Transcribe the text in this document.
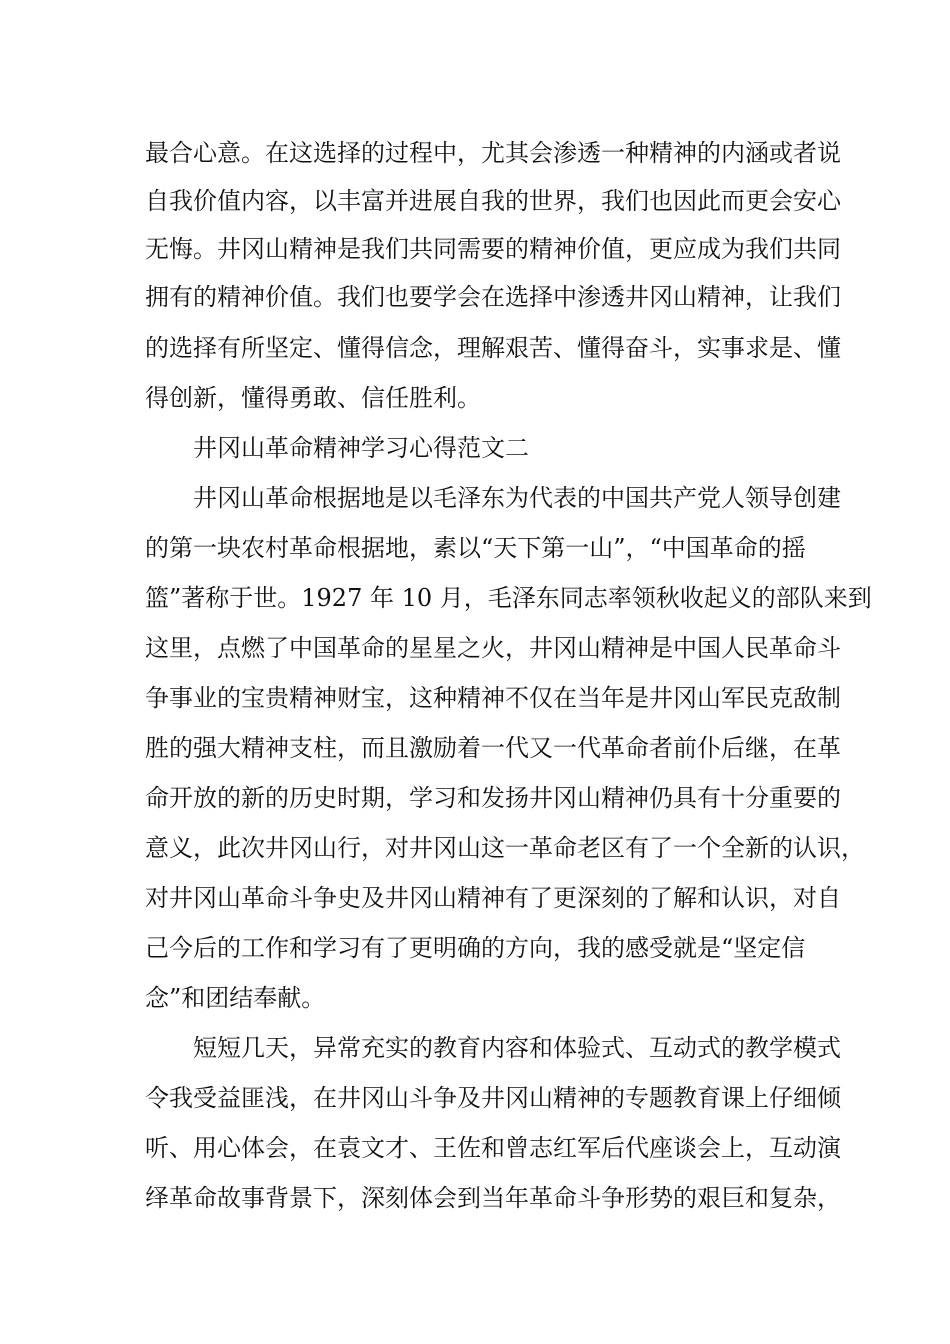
最合心意。在这选择的过程中，尤其会渗透一种精神的内涵或者说
自我价值内容，以丰富并进展自我的世界，我们也因此而更会安心
无悔。井冈山精神是我们共同需要的精神价值，更应成为我们共同
拥有的精神价值。我们也要学会在选择中渗透井冈山精神，让我们
的选择有所坚定、懂得信念，理解艰苦、懂得奋斗，实事求是、懂
得创新，懂得勇敢、信任胜利。
井冈山革命精神学习心得范文二
井冈山革命根据地是以毛泽东为代表的中国共产党人领导创建
的第一块农村革命根据地，素以“天下第一山”，“中国革命的摇
篮”著称于世。1927 年 10 月，毛泽东同志率领秋收起义的部队来到
这里，点燃了中国革命的星星之火，井冈山精神是中国人民革命斗
争事业的宝贵精神财宝，这种精神不仅在当年是井冈山军民克敌制
胜的强大精神支柱，而且激励着一代又一代革命者前仆后继，在革
命开放的新的历史时期，学习和发扬井冈山精神仍具有十分重要的
意义，此次井冈山行，对井冈山这一革命老区有了一个全新的认识，
对井冈山革命斗争史及井冈山精神有了更深刻的了解和认识，对自
己今后的工作和学习有了更明确的方向，我的感受就是“坚定信
念”和团结奉献。
短短几天，异常充实的教育内容和体验式、互动式的教学模式
令我受益匪浅，在井冈山斗争及井冈山精神的专题教育课上仔细倾
听、用心体会，在袁文才、王佐和曾志红军后代座谈会上，互动演
绎革命故事背景下，深刻体会到当年革命斗争形势的艰巨和复杂，
